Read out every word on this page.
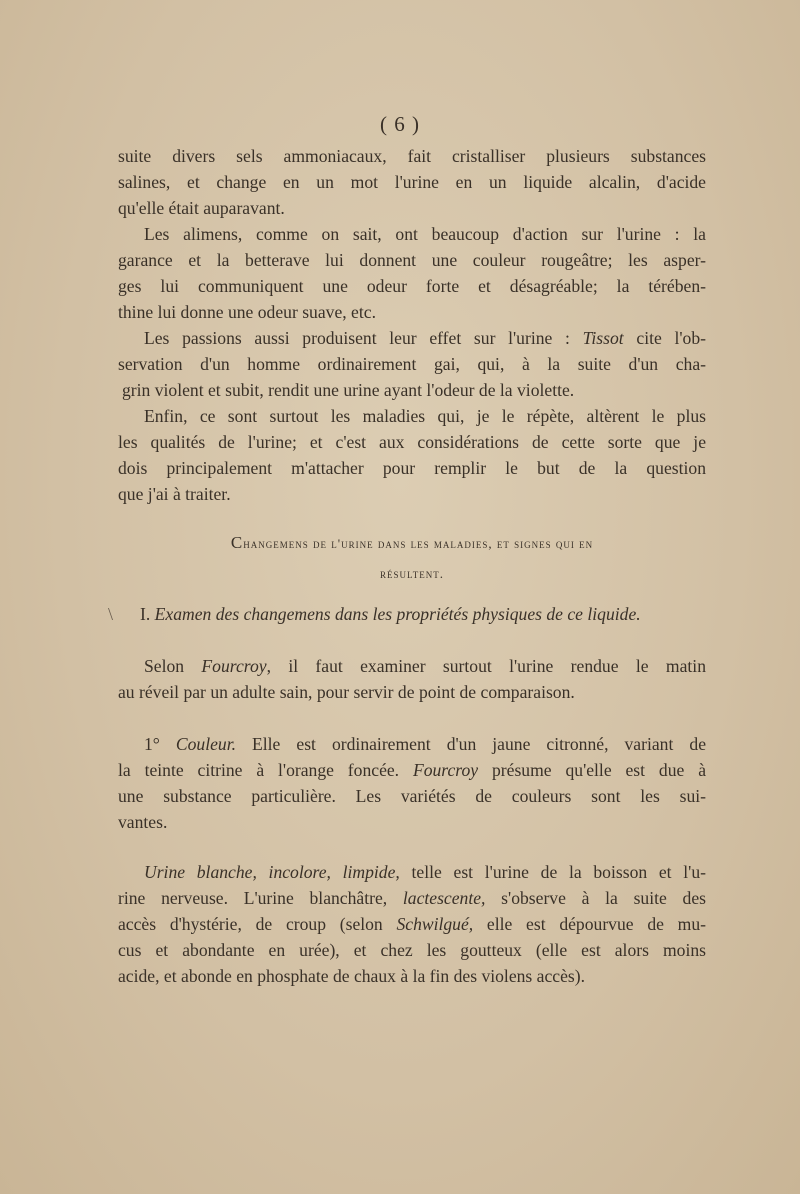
( 6 )
suite divers sels ammoniacaux, fait cristalliser plusieurs substances
salines, et change en un mot l'urine en un liquide alcalin, d'acide
qu'elle était auparavant.
Les alimens, comme on sait, ont beaucoup d'action sur l'urine : la
garance et la betterave lui donnent une couleur rougeâtre; les asper-
ges lui communiquent une odeur forte et désagréable; la térében-
thine lui donne une odeur suave, etc.
Les passions aussi produisent leur effet sur l'urine : Tissot cite l'ob-
servation d'un homme ordinairement gai, qui, à la suite d'un cha-
grin violent et subit, rendit une urine ayant l'odeur de la violette.
Enfin, ce sont surtout les maladies qui, je le répète, altèrent le plus
les qualités de l'urine; et c'est aux considérations de cette sorte que je
dois principalement m'attacher pour remplir le but de la question
que j'ai à traiter.
Changemens de l'urine dans les maladies, et signes qui en
résultent.
\ I. Examen des changemens dans les propriétés physiques de ce liquide.
Selon Fourcroy, il faut examiner surtout l'urine rendue le matin
au réveil par un adulte sain, pour servir de point de comparaison.
1° Couleur. Elle est ordinairement d'un jaune citronné, variant de
la teinte citrine à l'orange foncée. Fourcroy présume qu'elle est due à
une substance particulière. Les variétés de couleurs sont les sui-
vantes.
Urine blanche, incolore, limpide, telle est l'urine de la boisson et l'u-
rine nerveuse. L'urine blanchâtre, lactescente, s'observe à la suite des
accès d'hystérie, de croup (selon Schwilgué, elle est dépourvue de mu-
cus et abondante en urée), et chez les goutteux (elle est alors moins
acide, et abonde en phosphate de chaux à la fin des violens accès).
